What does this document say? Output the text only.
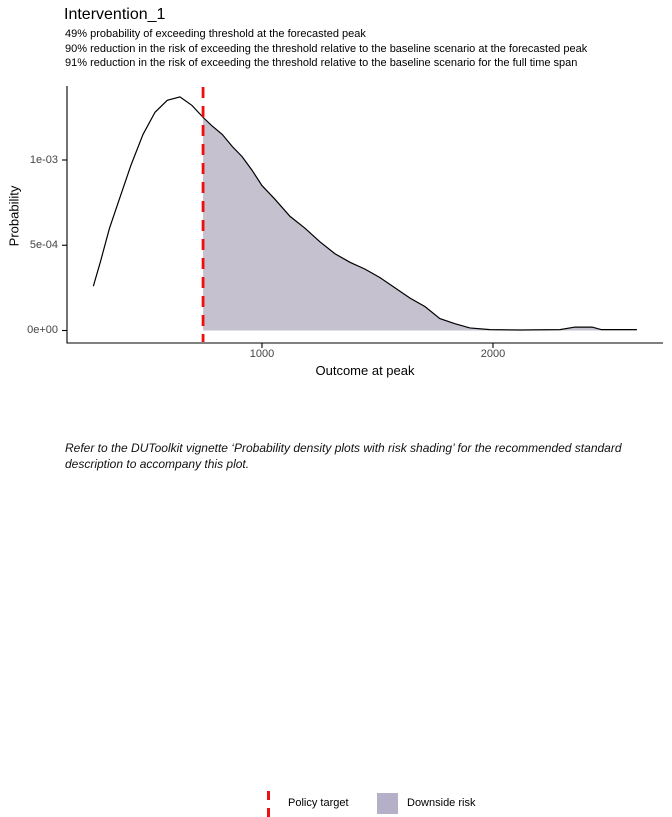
Intervention_1
49% probability of exceeding threshold at the forecasted peak
90% reduction in the risk of exceeding the threshold relative to the baseline scenario at the forecasted peak
91% reduction in the risk of exceeding the threshold relative to the baseline scenario for the full time span
Probability
Outcome at peak
0e+00
5e-04
1e-03
1000	2000
Policy target	Downside risk
Refer to the DUToolkit vignette ‘Probability density plots with risk shading’ for the recommended standard description to accompany this plot.
